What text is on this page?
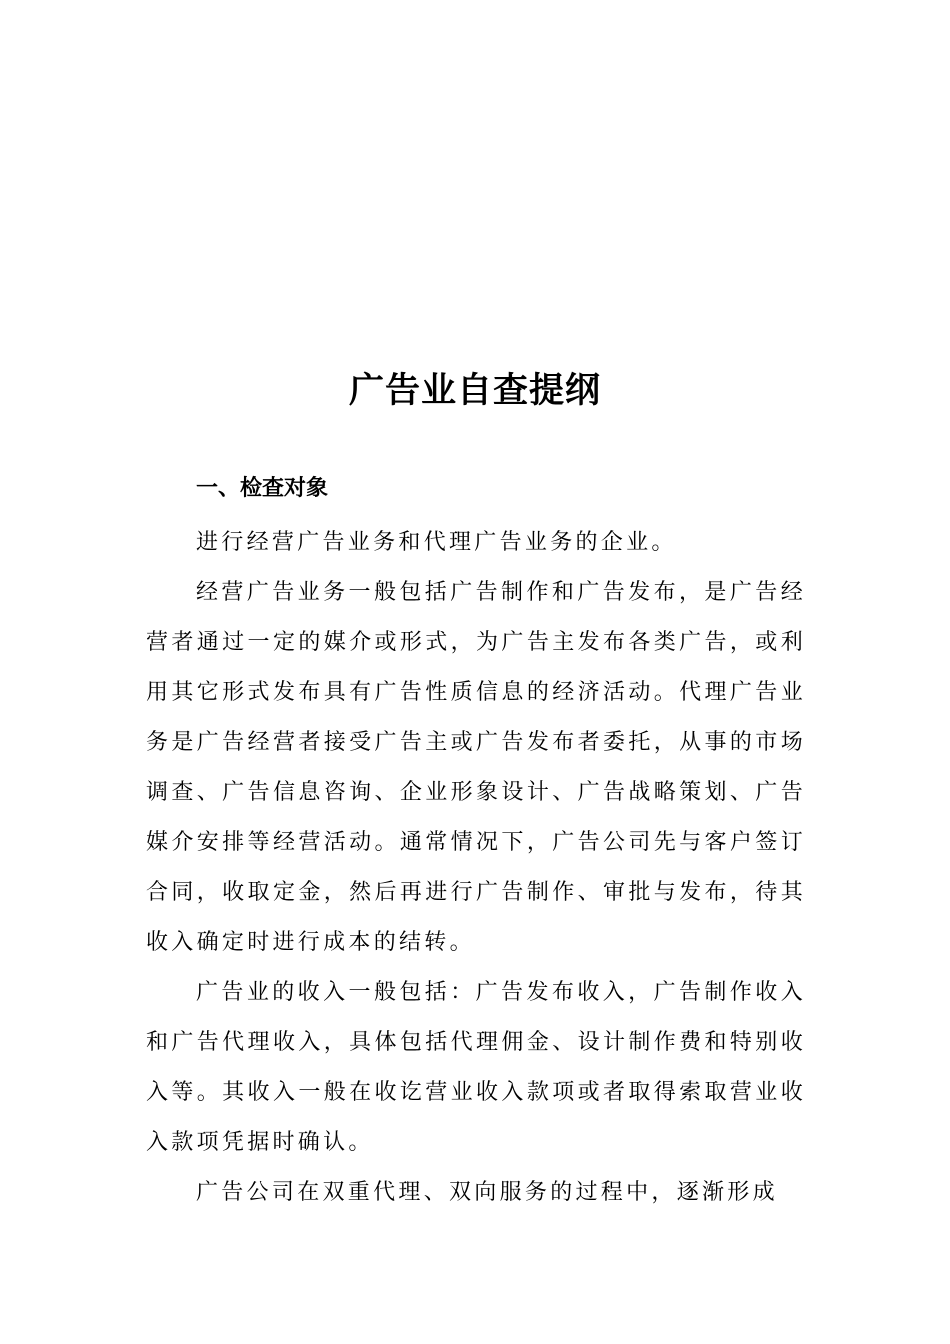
广告业自查提纲
一、检查对象

进行经营广告业务和代理广告业务的企业。

经营广告业务一般包括广告制作和广告发布，是广告经营者通过一定的媒介或形式，为广告主发布各类广告，或利用其它形式发布具有广告性质信息的经济活动。代理广告业务是广告经营者接受广告主或广告发布者委托，从事的市场调查、广告信息咨询、企业形象设计、广告战略策划、广告媒介安排等经营活动。通常情况下，广告公司先与客户签订合同，收取定金，然后再进行广告制作、审批与发布，待其收入确定时进行成本的结转。

广告业的收入一般包括：广告发布收入，广告制作收入和广告代理收入，具体包括代理佣金、设计制作费和特别收入等。其收入一般在收讫营业收入款项或者取得索取营业收入款项凭据时确认。

广告公司在双重代理、双向服务的过程中，逐渐形成
